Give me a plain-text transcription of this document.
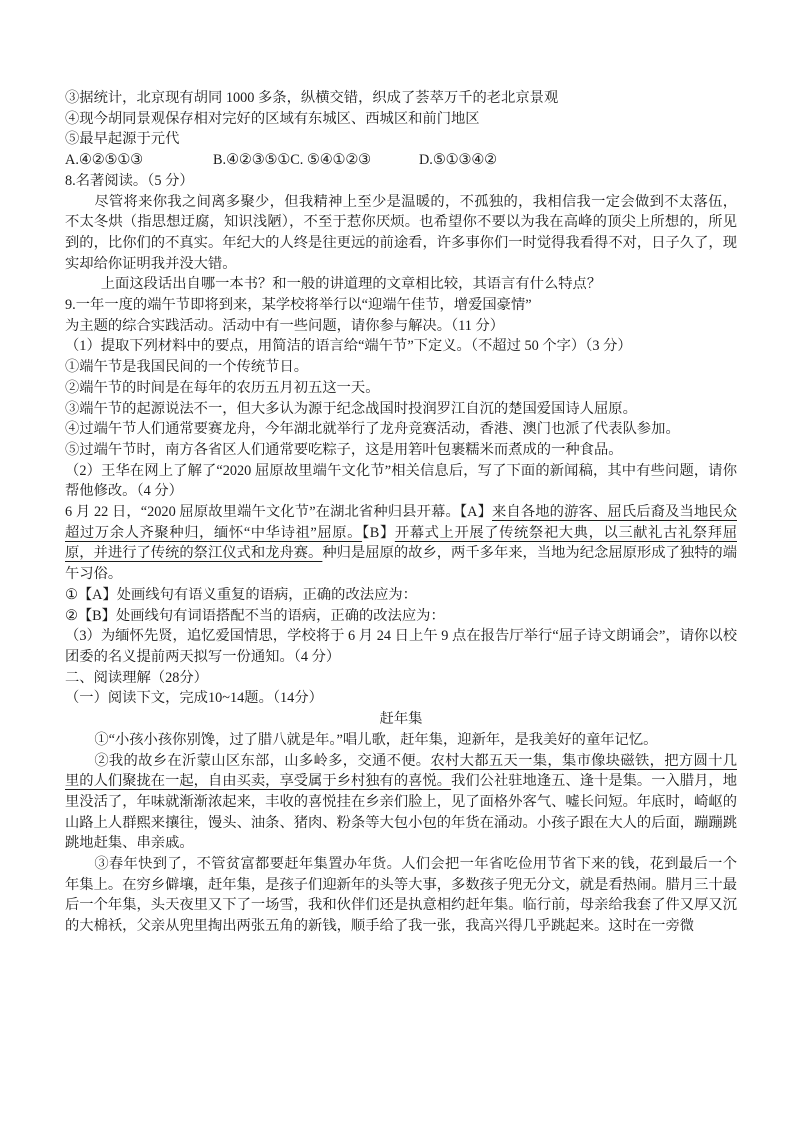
③据统计，北京现有胡同 1000 多条，纵横交错，织成了荟萃万千的老北京景观

④现今胡同景观保存相对完好的区域有东城区、西城区和前门地区

⑤最早起源于元代

A.④②⑤①③	B.④②③⑤①C. ⑤④①②③	D.⑤①③④②

8.名著阅读。（5 分）

尽管将来你我之间离多聚少，但我精神上至少是温暖的，不孤独的，我相信我一定会做到不太落伍，不太冬烘（指思想迂腐，知识浅陋），不至于惹你厌烦。也希望你不要以为我在高峰的顶尖上所想的，所见到的，比你们的不真实。年纪大的人终是往更远的前途看，许多事你们一时觉得我看得不对，日子久了，现实却给你证明我并没大错。

上面这段话出自哪一本书？和一般的讲道理的文章相比较，其语言有什么特点？

9.一年一度的端午节即将到来，某学校将举行以“迎端午佳节，增爱国豪情”

为主题的综合实践活动。活动中有一些问题，请你参与解决。（11 分）

（1）提取下列材料中的要点，用简洁的语言给“端午节”下定义。（不超过 50 个字）（3 分）

①端午节是我国民间的一个传统节日。

②端午节的时间是在每年的农历五月初五这一天。

③端午节的起源说法不一，但大多认为源于纪念战国时投润罗江自沉的楚国爱国诗人屈原。

④过端午节人们通常要赛龙舟，今年湖北就举行了龙舟竞赛活动，香港、澳门也派了代表队参加。

⑤过端午节时，南方各省区人们通常要吃粽子，这是用箬叶包裹糯米而煮成的一种食品。

（2）王华在网上了解了“2020 屈原故里端午文化节”相关信息后，写了下面的新闻稿，其中有些问题，请你帮他修改。（4 分）

6 月 22 日，“2020 屈原故里端午文化节”在湖北省种归县开幕。【A】来自各地的游客、屈氏后裔及当地民众超过万余人齐聚种归，缅怀“中华诗祖”屈原。【B】开幕式上开展了传统祭祀大典，以三献礼古礼祭拜屈原，并进行了传统的祭江仪式和龙舟赛。种归是屈原的故乡，两千多年来，当地为纪念屈原形成了独特的端午习俗。

①【A】处画线句有语义重复的语病，正确的改法应为：

②【B】处画线句有词语搭配不当的语病，正确的改法应为：

（3）为缅怀先贤，追忆爱国情思，学校将于 6 月 24 日上午 9 点在报告厅举行“屈子诗文朗诵会”，请你以校团委的名义提前两天拟写一份通知。（4 分）

二、阅读理解（28分）

（一）阅读下文，完成10~14题。（14分）

赶年集

①“小孩小孩你别馋，过了腊八就是年。”唱儿歌，赶年集，迎新年，是我美好的童年记忆。

②我的故乡在沂蒙山区东部，山多岭多，交通不便。农村大都五天一集，集市像块磁铁，把方圆十几里的人们聚拢在一起，自由买卖，享受属于乡村独有的喜悦。我们公社驻地逢五、逢十是集。一入腊月，地里没活了，年味就渐渐浓起来，丰收的喜悦挂在乡亲们脸上，见了面格外客气、嘘长问短。年底时，崎岖的山路上人群熙来攘往，馒头、油条、猪肉、粉条等大包小包的年货在涌动。小孩子跟在大人的后面，蹦蹦跳跳地赶集、串亲戚。

③春年快到了，不管贫富都要赶年集置办年货。人们会把一年省吃俭用节省下来的钱，花到最后一个年集上。在穷乡僻壤，赶年集，是孩子们迎新年的头等大事，多数孩子兜无分文，就是看热闹。腊月三十最后一个年集，头天夜里又下了一场雪，我和伙伴们还是执意相约赶年集。临行前，母亲给我套了件又厚又沉的大棉袄，父亲从兜里掏出两张五角的新钱，顺手给了我一张，我高兴得几乎跳起来。这时在一旁微
